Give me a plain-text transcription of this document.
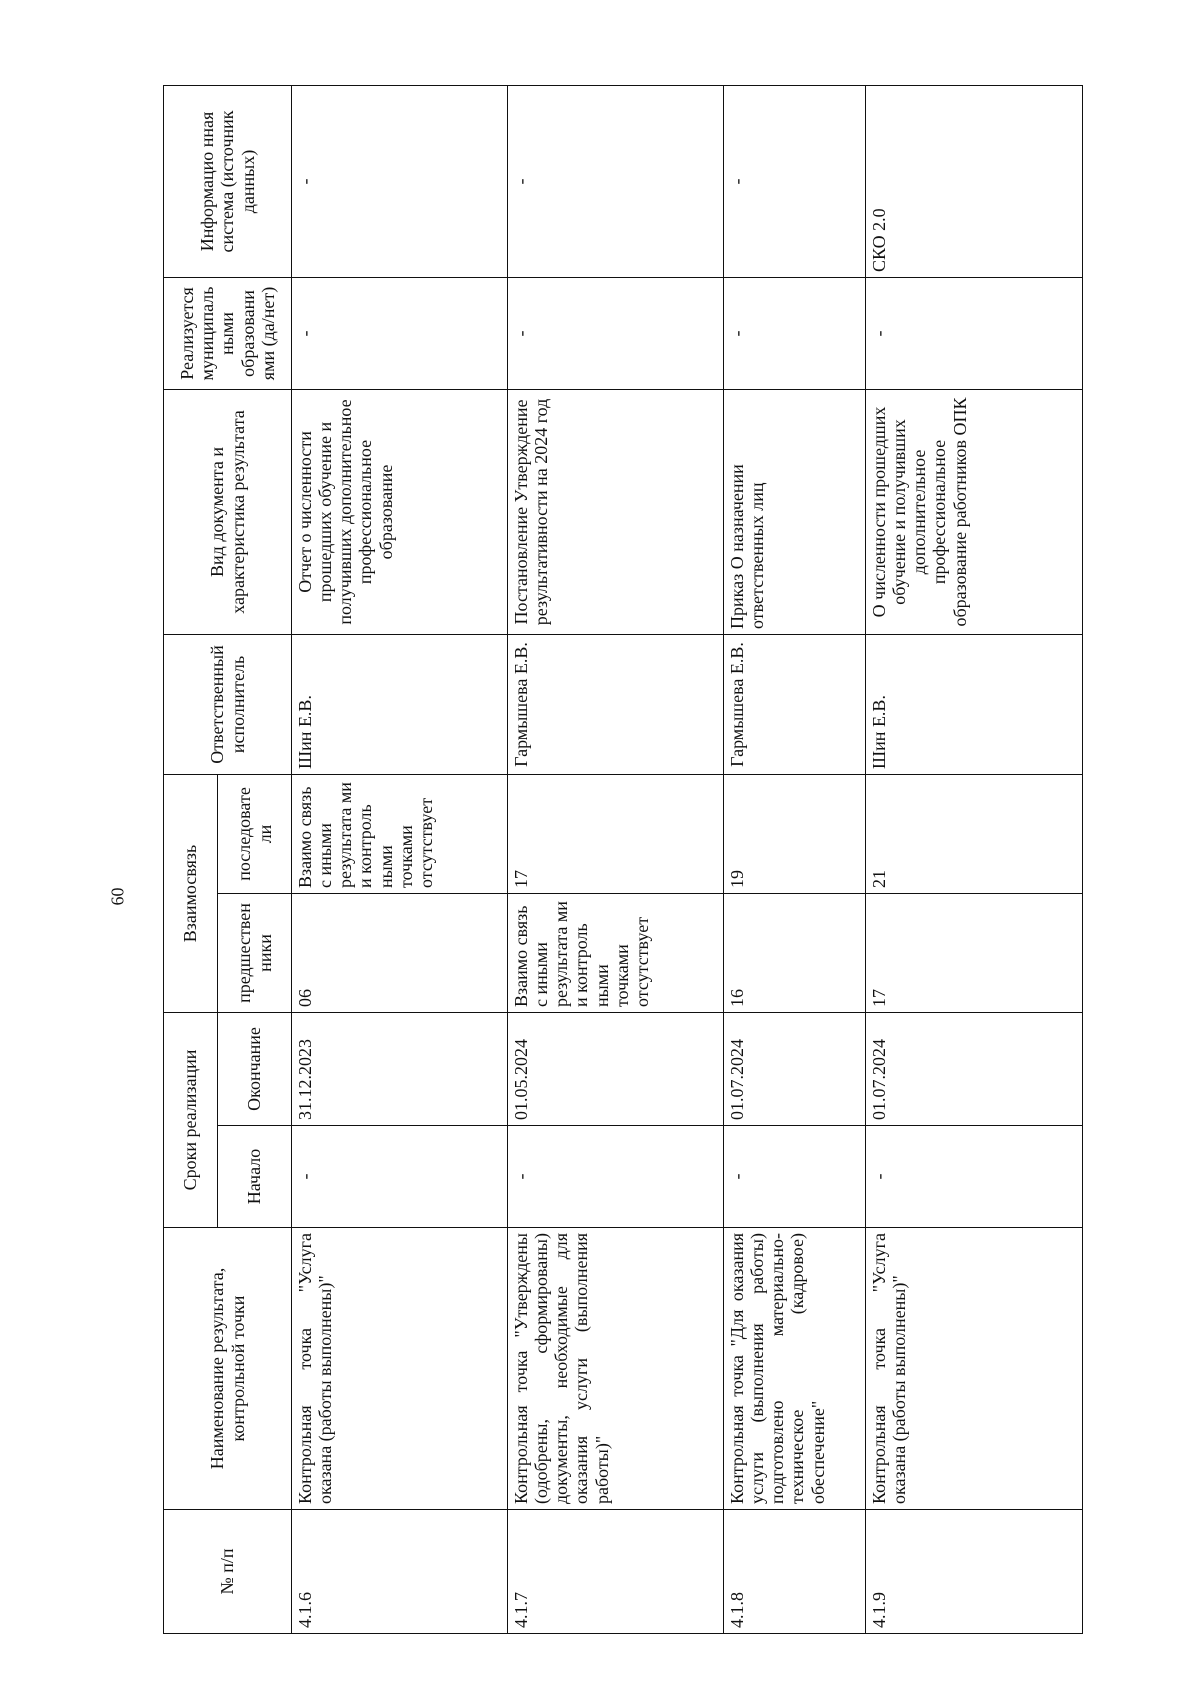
60
№ п/п	Наименование результата, контрольной точки	Сроки реализации		Взаимосвязь		Ответственный исполнитель	Вид документа и характеристика результата	Реализуется муниципаль ными образовани ями (да/нет)	Информацио нная система (источник данных)
		Начало	Окончание	предшествен ники	последовате ли				
4.1.6	Контрольная точка "Услуга оказана (работы выполнены)"	-	31.12.2023	06	Взаимо связь с иными результата ми и контроль ными точками отсутствует	Шин Е.В.	Отчет о численности прошедших обучение и получивших дополнительное профессиональное образование	-	-
4.1.7	Контрольная точка "Утверждены (одобрены, сформированы) документы, необходимые для оказания услуги (выполнения работы)"	-	01.05.2024	Взаимо связь с иными результата ми и контроль ными точками отсутствует	17	Гармышева Е.В.	Постановление Утверждение результативности на 2024 год	-	-
4.1.8	Контрольная точка "Для оказания услуги (выполнения работы) подготовлено материально-техническое (кадровое) обеспечение"	-	01.07.2024	16	19	Гармышева Е.В.	Приказ О назначении ответственных лиц	-	-
4.1.9	Контрольная точка "Услуга оказана (работы выполнены)"	-	01.07.2024	17	21	Шин Е.В.	О численности прошедших обучение и получивших дополнительное профессиональное образование работников ОПК	-	СКО 2.0
